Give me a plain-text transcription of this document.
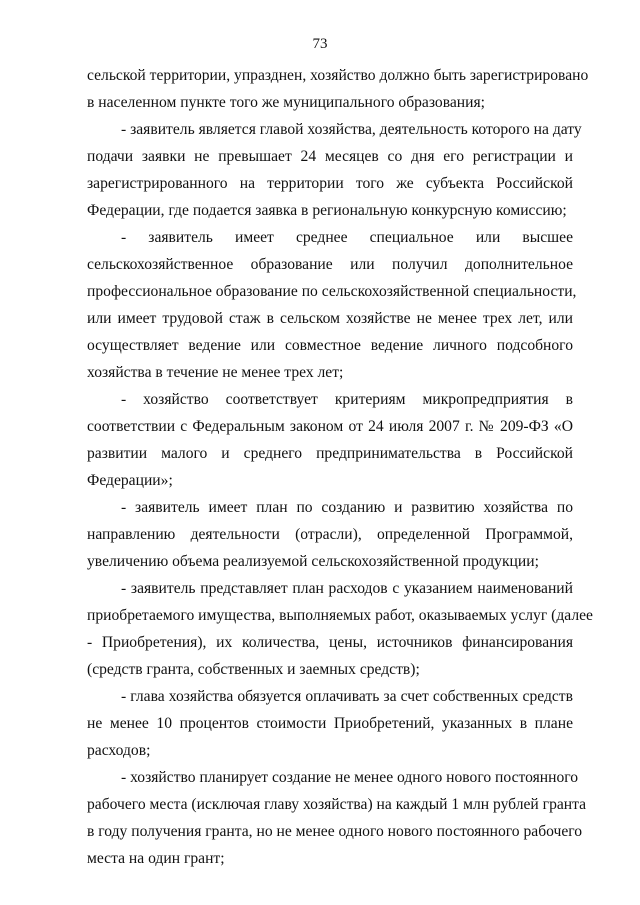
73
сельской территории, упразднен, хозяйство должно быть зарегистрировано
в населенном пункте того же муниципального образования;
- заявитель является главой хозяйства, деятельность которого на дату
подачи заявки не превышает 24 месяцев со дня его регистрации и
зарегистрированного на территории того же субъекта Российской
Федерации, где подается заявка в региональную конкурсную комиссию;
- заявитель имеет среднее специальное или высшее
сельскохозяйственное образование или получил дополнительное
профессиональное образование по сельскохозяйственной специальности,
или имеет трудовой стаж в сельском хозяйстве не менее трех лет, или
осуществляет ведение или совместное ведение личного подсобного
хозяйства в течение не менее трех лет;
- хозяйство соответствует критериям микропредприятия в
соответствии с Федеральным законом от 24 июля 2007 г. № 209-ФЗ «О
развитии малого и среднего предпринимательства в Российской
Федерации»;
- заявитель имеет план по созданию и развитию хозяйства по
направлению деятельности (отрасли), определенной Программой,
увеличению объема реализуемой сельскохозяйственной продукции;
- заявитель представляет план расходов с указанием наименований
приобретаемого имущества, выполняемых работ, оказываемых услуг (далее
- Приобретения), их количества, цены, источников финансирования
(средств гранта, собственных и заемных средств);
- глава хозяйства обязуется оплачивать за счет собственных средств
не менее 10 процентов стоимости Приобретений, указанных в плане
расходов;
- хозяйство планирует создание не менее одного нового постоянного
рабочего места (исключая главу хозяйства) на каждый 1 млн рублей гранта
в году получения гранта, но не менее одного нового постоянного рабочего
места на один грант;
